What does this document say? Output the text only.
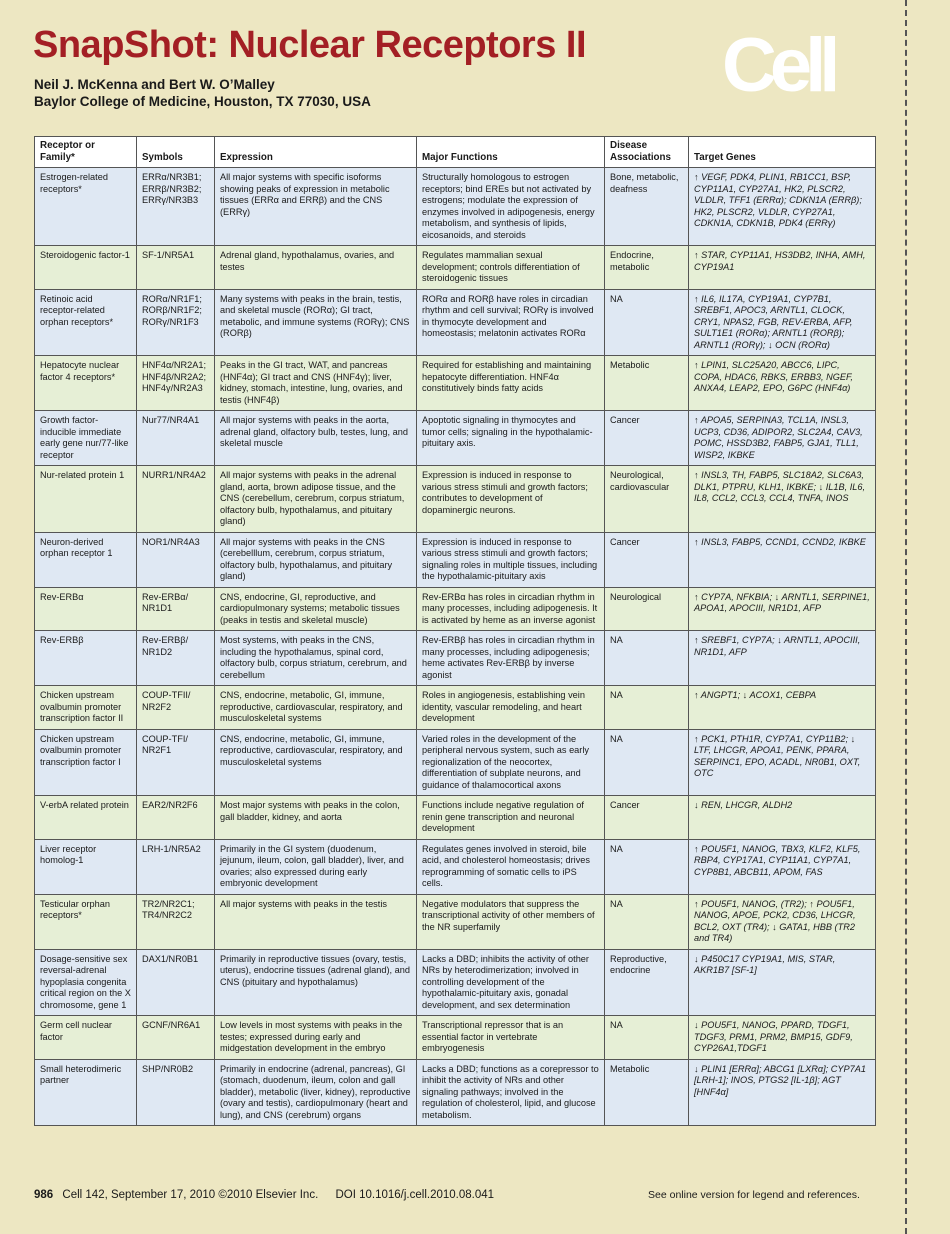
SnapShot: Nuclear Receptors II Cell
Neil J. McKenna and Bert W. O’Malley
Baylor College of Medicine, Houston, TX 77030, USA
Receptor or Family*	Symbols	Expression	Major Functions	Disease Associations	Target Genes
Estrogen-related receptors*	ERRα/NR3B1; ERRβ/NR3B2; ERRγ/NR3B3	All major systems with specific isoforms showing peaks of expression in metabolic tissues (ERRα and ERRβ) and the CNS (ERRγ)	Structurally homologous to estrogen receptors; bind EREs but not activated by estrogens; modulate the expression of enzymes involved in adipogenesis, energy metabolism, and synthesis of lipids, eicosanoids, and steroids	Bone, metabolic, deafness	↑ VEGF, PDK4, PLIN1, RB1CC1, BSP, CYP11A1, CYP27A1, HK2, PLSCR2, VLDLR, TFF1 (ERRα); CDKN1A (ERRβ); HK2, PLSCR2, VLDLR, CYP27A1, CDKN1A, CDKN1B, PDK4 (ERRγ)
Steroidogenic factor-1	SF-1/NR5A1	Adrenal gland, hypothalamus, ovaries, and testes	Regulates mammalian sexual development; controls differentiation of steroidogenic tissues	Endocrine, metabolic	↑ STAR, CYP11A1, HS3DB2, INHA, AMH, CYP19A1
Retinoic acid receptor-related orphan receptors*	RORα/NR1F1; RORβ/NR1F2; RORγ/NR1F3	Many systems with peaks in the brain, testis, and skeletal muscle (RORα); GI tract, metabolic, and immune systems (RORγ); CNS (RORβ)	RORα and RORβ have roles in circadian rhythm and cell survival; RORγ is involved in thymocyte development and homeostasis; melatonin activates RORα	NA	↑ IL6, IL17A, CYP19A1, CYP7B1, SREBF1, APOC3, ARNTL1, CLOCK, CRY1, NPAS2, FGB, REV-ERBA, AFP, SULT1E1 (RORα); ARNTL1 (RORβ); ARNTL1 (RORγ); ↓ OCN (RORα)
Hepatocyte nuclear factor 4 receptors*	HNF4α/NR2A1; HNF4β/NR2A2; HNF4γ/NR2A3	Peaks in the GI tract, WAT, and pancreas (HNF4α); GI tract and CNS (HNF4γ); liver, kidney, stomach, intestine, lung, ovaries, and testis (HNF4β)	Required for establishing and maintaining hepatocyte differentiation. HNF4α constitutively binds fatty acids	Metabolic	↑ LPIN1, SLC25A20, ABCC6, LIPC, COPA, HDAC6, RBKS, ERBB3, NGEF, ANXA4, LEAP2, EPO, G6PC (HNF4α)
Growth factor-inducible immediate early gene nur/77-like receptor	Nur77/NR4A1	All major systems with peaks in the aorta, adrenal gland, olfactory bulb, testes, lung, and skeletal muscle	Apoptotic signaling in thymocytes and tumor cells; signaling in the hypothalamic-pituitary axis.	Cancer	↑ APOA5, SERPINA3, TCL1A, INSL3, UCP3, CD36, ADIPOR2, SLC2A4, CAV3, POMC, HSSD3B2, FABP5, GJA1, TLL1, WISP2, IKBKE
Nur-related protein 1	NURR1/NR4A2	All major systems with peaks in the adrenal gland, aorta, brown adipose tissue, and the CNS (cerebellum, cerebrum, corpus striatum, olfactory bulb, hypothalamus, and pituitary gland)	Expression is induced in response to various stress stimuli and growth factors; contributes to development of dopaminergic neurons.	Neurological, cardiovascular	↑ INSL3, TH, FABP5, SLC18A2, SLC6A3, DLK1, PTPRU, KLH1, IKBKE; ↓ IL1B, IL6, IL8, CCL2, CCL3, CCL4, TNFA, INOS
Neuron-derived orphan receptor 1	NOR1/NR4A3	All major systems with peaks in the CNS (cerebelllum, cerebrum, corpus striatum, olfactory bulb, hypothalamus, and pituitary gland)	Expression is induced in response to various stress stimuli and growth factors; signaling roles in multiple tissues, including the hypothalamic-pituitary axis	Cancer	↑ INSL3, FABP5, CCND1, CCND2, IKBKE
Rev-ERBα	Rev-ERBα/ NR1D1	CNS, endocrine, GI, reproductive, and cardiopulmonary systems; metabolic tissues (peaks in testis and skeletal muscle)	Rev-ERBα has roles in circadian rhythm in many processes, including adipogenesis. It is activated by heme as an inverse agonist	Neurological	↑ CYP7A, NFKBIA; ↓ ARNTL1, SERPINE1, APOA1, APOCIII, NR1D1, AFP
Rev-ERBβ	Rev-ERBβ/ NR1D2	Most systems, with peaks in the CNS, including the hypothalamus, spinal cord, olfactory bulb, corpus striatum, cerebrum, and cerebellum	Rev-ERBβ has roles in circadian rhythm in many processes, including adipogenesis; heme activates Rev-ERBβ by inverse agonist	NA	↑ SREBF1, CYP7A; ↓ ARNTL1, APOCIII, NR1D1, AFP
Chicken upstream ovalbumin promoter transcription factor II	COUP-TFII/ NR2F2	CNS, endocrine, metabolic, GI, immune, reproductive, cardiovascular, respiratory, and musculoskeletal systems	Roles in angiogenesis, establishing vein identity, vascular remodeling, and heart development	NA	↑ ANGPT1; ↓ ACOX1, CEBPA
Chicken upstream ovalbumin promoter transcription factor I	COUP-TFI/ NR2F1	CNS, endocrine, metabolic, GI, immune, reproductive, cardiovascular, respiratory, and musculoskeletal systems	Varied roles in the development of the peripheral nervous system, such as early regionalization of the neocortex, differentiation of subplate neurons, and guidance of thalamocortical axons	NA	↑ PCK1, PTH1R, CYP7A1, CYP11B2; ↓ LTF, LHCGR, APOA1, PENK, PPARA, SERPINC1, EPO, ACADL, NR0B1, OXT, OTC
V-erbA related protein	EAR2/NR2F6	Most major systems with peaks in the colon, gall bladder, kidney, and aorta	Functions include negative regulation of renin gene transcription and neuronal development	Cancer	↓ REN, LHCGR, ALDH2
Liver receptor homolog-1	LRH-1/NR5A2	Primarily in the GI system (duodenum, jejunum, ileum, colon, gall bladder), liver, and ovaries; also expressed during early embryonic development	Regulates genes involved in steroid, bile acid, and cholesterol homeostasis; drives reprogramming of somatic cells to iPS cells.	NA	↑ POU5F1, NANOG, TBX3, KLF2, KLF5, RBP4, CYP17A1, CYP11A1, CYP7A1, CYP8B1, ABCB11, APOM, FAS
Testicular orphan receptors*	TR2/NR2C1; TR4/NR2C2	All major systems with peaks in the testis	Negative modulators that suppress the transcriptional activity of other members of the NR superfamily	NA	↑ POU5F1, NANOG, (TR2); ↑ POU5F1, NANOG, APOE, PCK2, CD36, LHCGR, BCL2, OXT (TR4); ↓ GATA1, HBB (TR2 and TR4)
Dosage-sensitive sex reversal-adrenal hypoplasia congenita critical region on the X chromosome, gene 1	DAX1/NR0B1	Primarily in reproductive tissues (ovary, testis, uterus), endocrine tissues (adrenal gland), and CNS (pituitary and hypothalamus)	Lacks a DBD; inhibits the activity of other NRs by heterodimerization; involved in controlling development of the hypothalamic-pituitary axis, gonadal development, and sex determination	Reproductive, endocrine	↓ P450C17 CYP19A1, MIS, STAR, AKR1B7 [SF-1]
Germ cell nuclear factor	GCNF/NR6A1	Low levels in most systems with peaks in the testes; expressed during early and midgestation development in the embryo	Transcriptional repressor that is an essential factor in vertebrate embryogenesis	NA	↓ POU5F1, NANOG, PPARD, TDGF1, TDGF3, PRM1, PRM2, BMP15, GDF9, CYP26A1,TDGF1
Small heterodimeric partner	SHP/NR0B2	Primarily in endocrine (adrenal, pancreas), GI (stomach, duodenum, ileum, colon and gall bladder), metabolic (liver, kidney), reproductive (ovary and testis), cardiopulmonary (heart and lung), and CNS (cerebrum) organs	Lacks a DBD; functions as a corepressor to inhibit the activity of NRs and other signaling pathways; involved in the regulation of cholesterol, lipid, and glucose metabolism.	Metabolic	↓ PLIN1 [ERRα]; ABCG1 [LXRα]; CYP7A1 [LRH-1]; INOS, PTGS2 [IL-1β]; AGT [HNF4α]
986 Cell 142, September 17, 2010 ©2010 Elsevier Inc. DOI 10.1016/j.cell.2010.08.041	See online version for legend and references.
